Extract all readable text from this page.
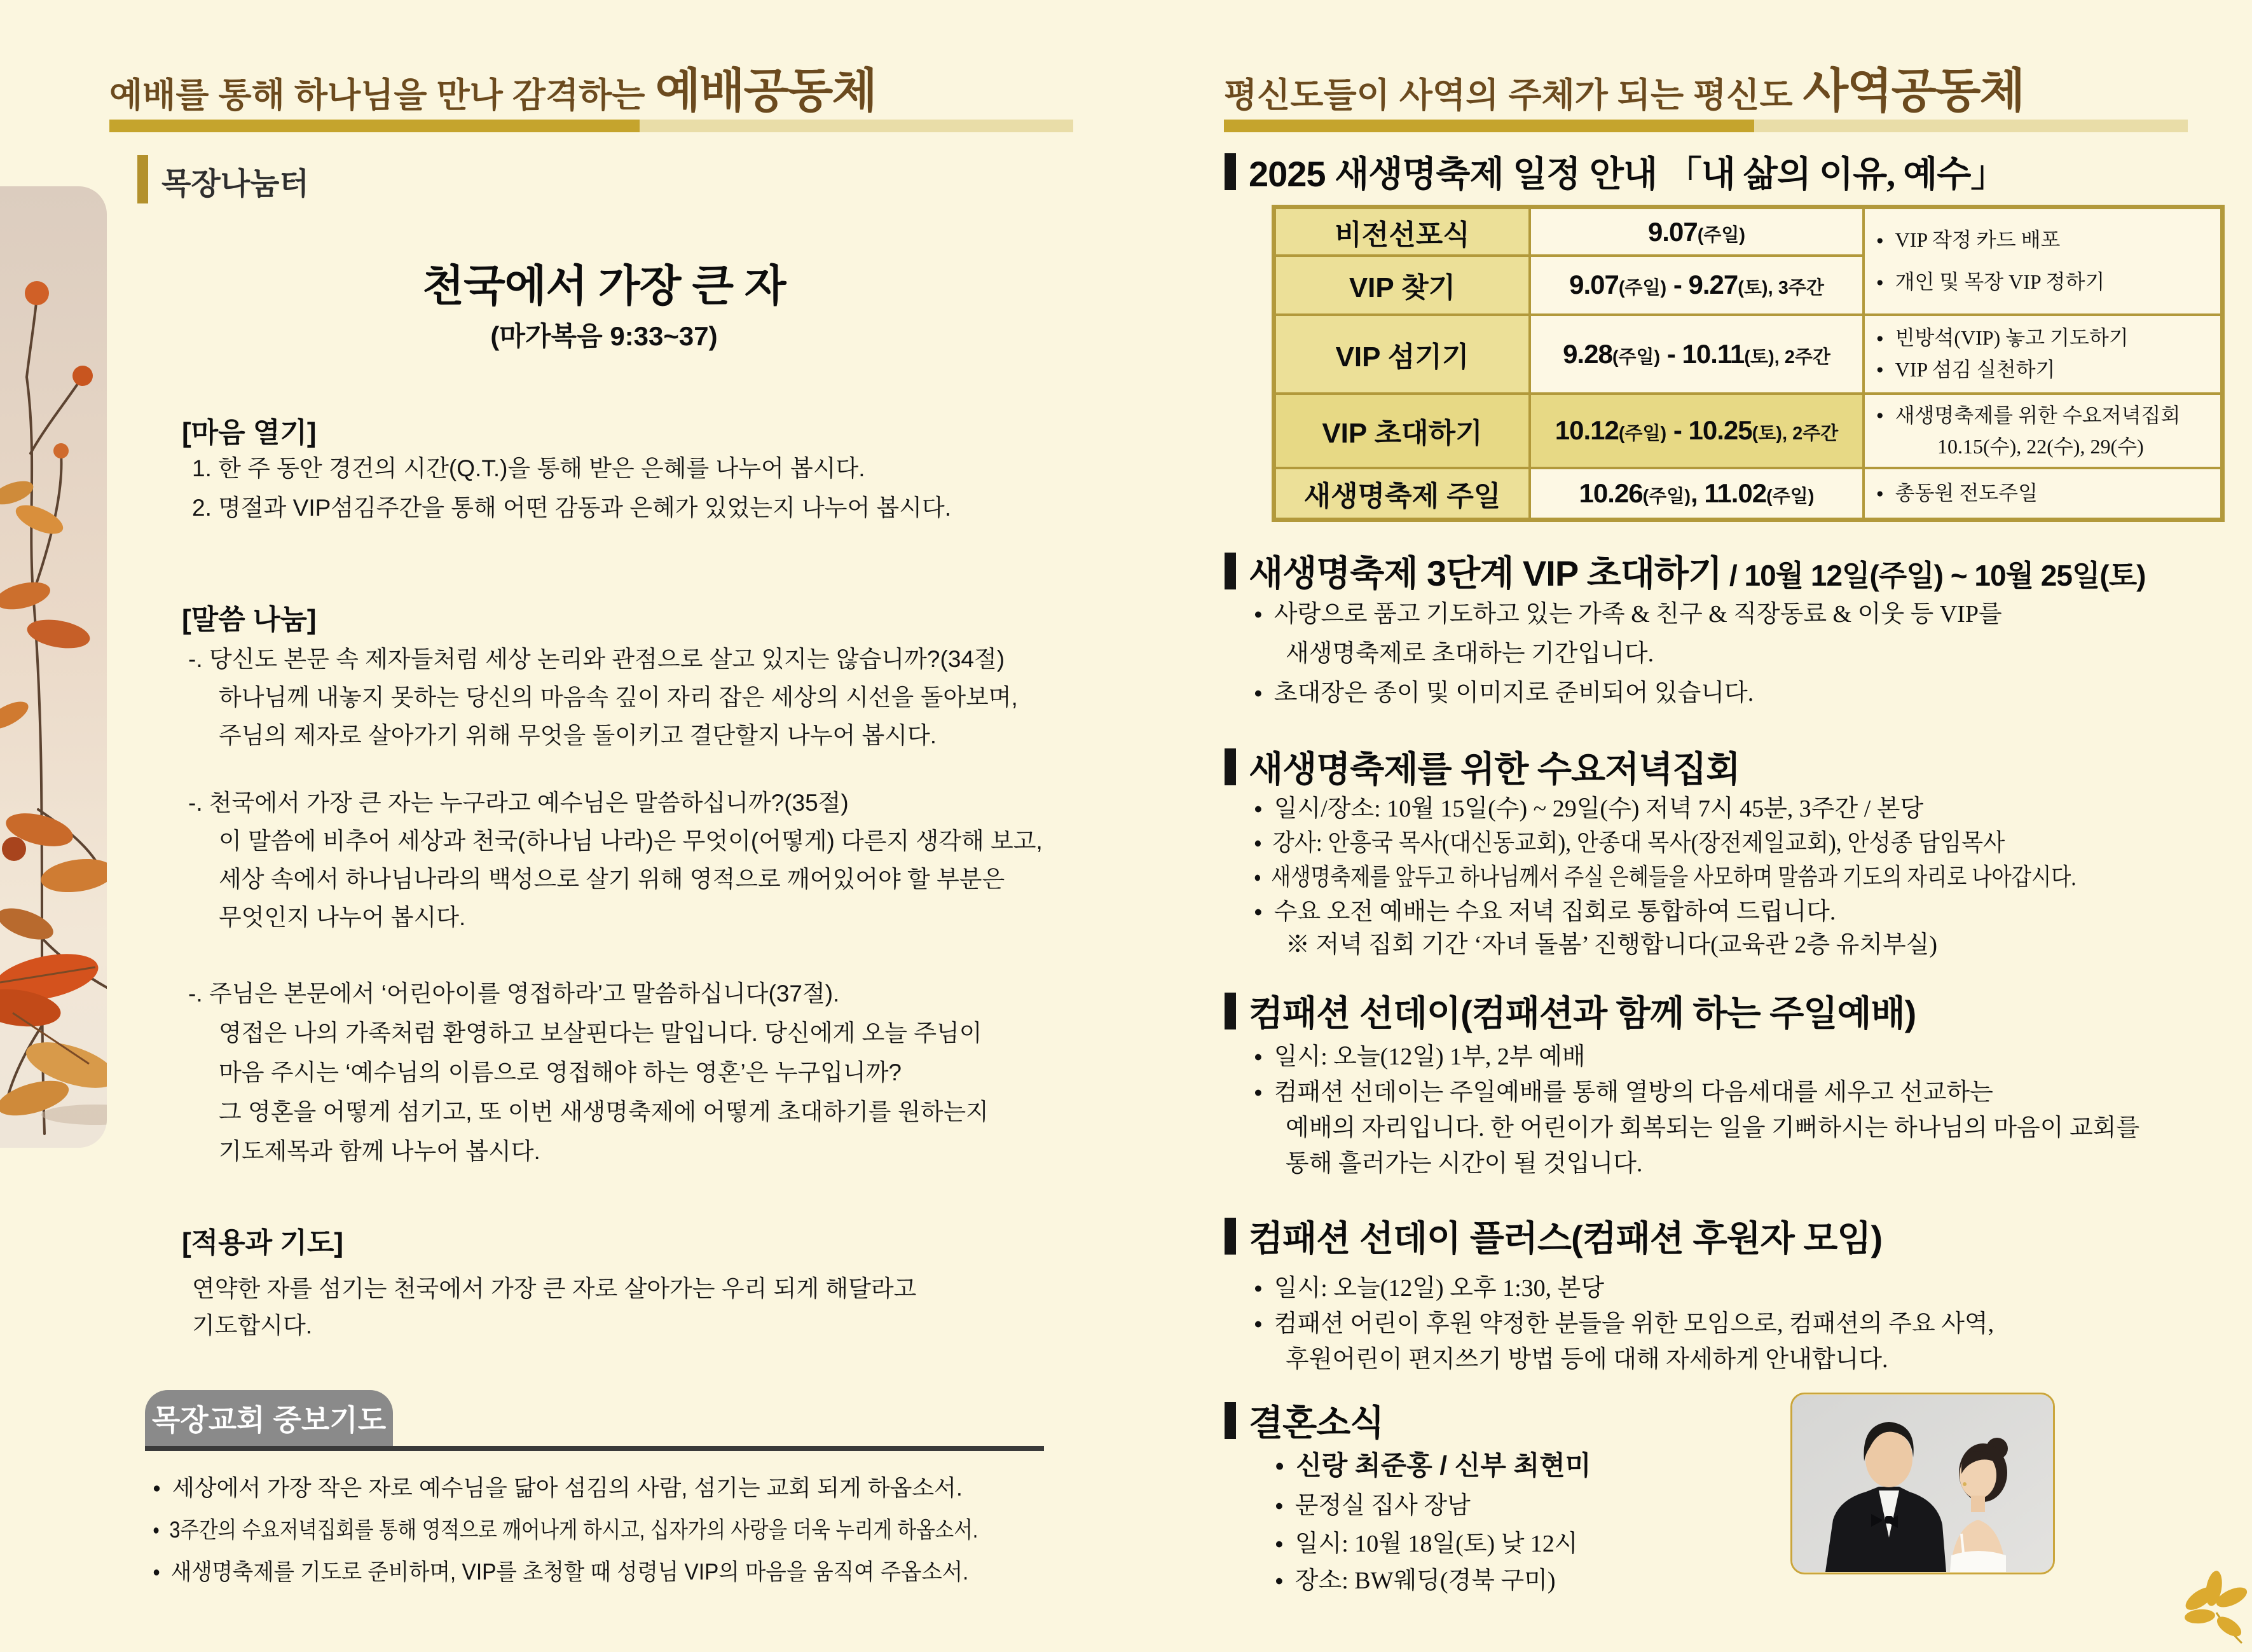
예배를 통해 하나님을 만나 감격하는 예배공동체	평신도들이 사역의 주체가 되는 평신도 사역공동체
목장나눔터
천국에서 가장 큰 자
(마가복음 9:33~37)
[마음 열기]
1. 한 주 동안 경건의 시간(Q.T.)을 통해 받은 은혜를 나누어 봅시다.
2. 명절과 VIP섬김주간을 통해 어떤 감동과 은혜가 있었는지 나누어 봅시다.
[말씀 나눔]
-. 당신도 본문 속 제자들처럼 세상 논리와 관점으로 살고 있지는 않습니까?(34절)
하나님께 내놓지 못하는 당신의 마음속 깊이 자리 잡은 세상의 시선을 돌아보며,
주님의 제자로 살아가기 위해 무엇을 돌이키고 결단할지 나누어 봅시다.
-. 천국에서 가장 큰 자는 누구라고 예수님은 말씀하십니까?(35절)
이 말씀에 비추어 세상과 천국(하나님 나라)은 무엇이(어떻게) 다른지 생각해 보고,
세상 속에서 하나님나라의 백성으로 살기 위해 영적으로 깨어있어야 할 부분은
무엇인지 나누어 봅시다.
-. 주님은 본문에서 ‘어린아이를 영접하라’고 말씀하십니다(37절).
영접은 나의 가족처럼 환영하고 보살핀다는 말입니다. 당신에게 오늘 주님이
마음 주시는 ‘예수님의 이름으로 영접해야 하는 영혼’은 누구입니까?
그 영혼을 어떻게 섬기고, 또 이번 새생명축제에 어떻게 초대하기를 원하는지
기도제목과 함께 나누어 봅시다.
[적용과 기도]
연약한 자를 섬기는 천국에서 가장 큰 자로 살아가는 우리 되게 해달라고
기도합시다.
목장교회 중보기도
● 세상에서 가장 작은 자로 예수님을 닮아 섬김의 사람, 섬기는 교회 되게 하옵소서.
● 3주간의 수요저녁집회를 통해 영적으로 깨어나게 하시고, 십자가의 사랑을 더욱 누리게 하옵소서.
● 새생명축제를 기도로 준비하며, VIP를 초청할 때 성령님 VIP의 마음을 움직여 주옵소서.
2025 새생명축제 일정 안내 「내 삶의 이유, 예수」
비전선포식	9.07(주일)	● VIP 작정 카드 배포
● 개인 및 목장 VIP 정하기

VIP 찾기	9.07(주일) - 9.27(토), 3주간	
VIP 섬기기	9.28(주일) - 10.11(토), 2주간	● 빈방석(VIP) 놓고 기도하기
● VIP 섬김 실천하기

VIP 초대하기	10.12(주일) - 10.25(토), 2주간	● 새생명축제를 위한 수요저녁집회
10.15(수), 22(수), 29(수)

새생명축제 주일	10.26(주일), 11.02(주일)	● 총동원 전도주일
새생명축제 3단계 VIP 초대하기 / 10월 12일(주일) ~ 10월 25일(토)
● 사랑으로 품고 기도하고 있는 가족 & 친구 & 직장동료 & 이웃 등 VIP를
새생명축제로 초대하는 기간입니다.
● 초대장은 종이 및 이미지로 준비되어 있습니다.
새생명축제를 위한 수요저녁집회
● 일시/장소: 10월 15일(수) ~ 29일(수) 저녁 7시 45분, 3주간 / 본당
● 강사: 안흥국 목사(대신동교회), 안종대 목사(장전제일교회), 안성종 담임목사
● 새생명축제를 앞두고 하나님께서 주실 은혜들을 사모하며 말씀과 기도의 자리로 나아갑시다.
● 수요 오전 예배는 수요 저녁 집회로 통합하여 드립니다.
※ 저녁 집회 기간 ‘자녀 돌봄’ 진행합니다(교육관 2층 유치부실)
컴패션 선데이(컴패션과 함께 하는 주일예배)
● 일시: 오늘(12일) 1부, 2부 예배
● 컴패션 선데이는 주일예배를 통해 열방의 다음세대를 세우고 선교하는
예배의 자리입니다. 한 어린이가 회복되는 일을 기뻐하시는 하나님의 마음이 교회를
통해 흘러가는 시간이 될 것입니다.
컴패션 선데이 플러스(컴패션 후원자 모임)
● 일시: 오늘(12일) 오후 1:30, 본당
● 컴패션 어린이 후원 약정한 분들을 위한 모임으로, 컴패션의 주요 사역,
후원어린이 편지쓰기 방법 등에 대해 자세하게 안내합니다.
결혼소식
● 신랑 최준홍 / 신부 최현미
● 문정실 집사 장남
● 일시: 10월 18일(토) 낮 12시
● 장소: BW웨딩(경북 구미)
